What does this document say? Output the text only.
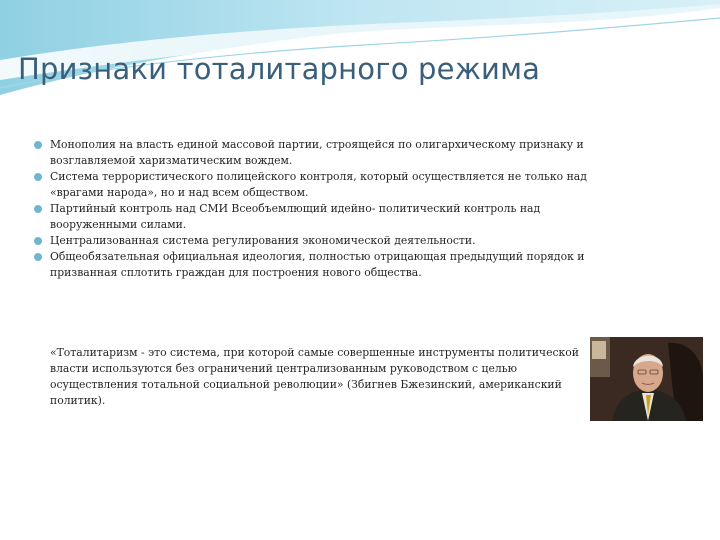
Признаки тоталитарного режима
Монополия на власть единой массовой партии, строящейся по олигархическому признаку и возглавляемой харизматическим вождем.
Система террористического полицейского контроля, который осуществляется не только над «врагами народа», но и над всем обществом.
Партийный контроль над СМИ Всеобъемлющий идейно- политический контроль над вооруженными силами.
Централизованная система регулирования экономической деятельности.
Общеобязательная официальная идеология, полностью отрицающая предыдущий порядок и призванная сплотить граждан для построения нового общества.

«Тоталитаризм - это система, при которой самые совершенные инструменты политической власти используются без ограничений централизованным руководством с целью осуществления тотальной социальной революции» (Збигнев Бжезинский, американский политик).
